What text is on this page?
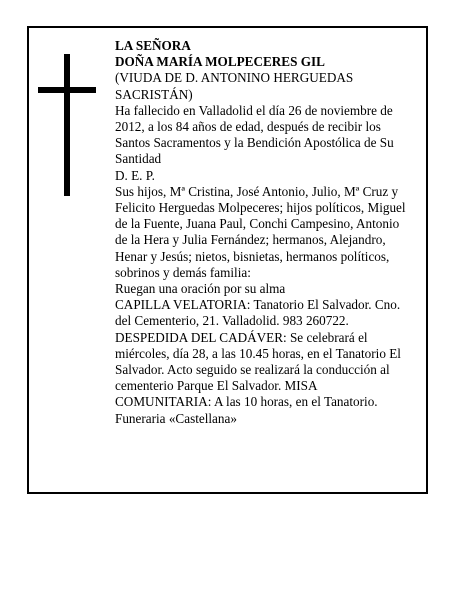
LA SEÑORA

DOÑA MARÍA MOLPECERES GIL

(VIUDA DE D. ANTONINO HERGUEDAS SACRISTÁN)

Ha fallecido en Valladolid el día 26 de noviembre de 2012, a los 84 años de edad, después de recibir los Santos Sacramentos y la Bendición Apostólica de Su Santidad

D. E. P.

Sus hijos, Mª Cristina, José Antonio, Julio, Mª Cruz y Felicito Herguedas Molpeceres; hijos políticos, Miguel de la Fuente, Juana Paul, Conchi Campesino, Antonio de la Hera y Julia Fernández; hermanos, Alejandro, Henar y Jesús; nietos, bisnietas, hermanos políticos, sobrinos y demás familia:

Ruegan una oración por su alma

CAPILLA VELATORIA: Tanatorio El Salvador. Cno. del Cementerio, 21. Valladolid. 983 260722.

DESPEDIDA DEL CADÁVER: Se celebrará el miércoles, día 28, a las 10.45 horas, en el Tanatorio El Salvador. Acto seguido se realizará la conducción al cementerio Parque El Salvador. MISA COMUNITARIA: A las 10 horas, en el Tanatorio.

Funeraria «Castellana»
